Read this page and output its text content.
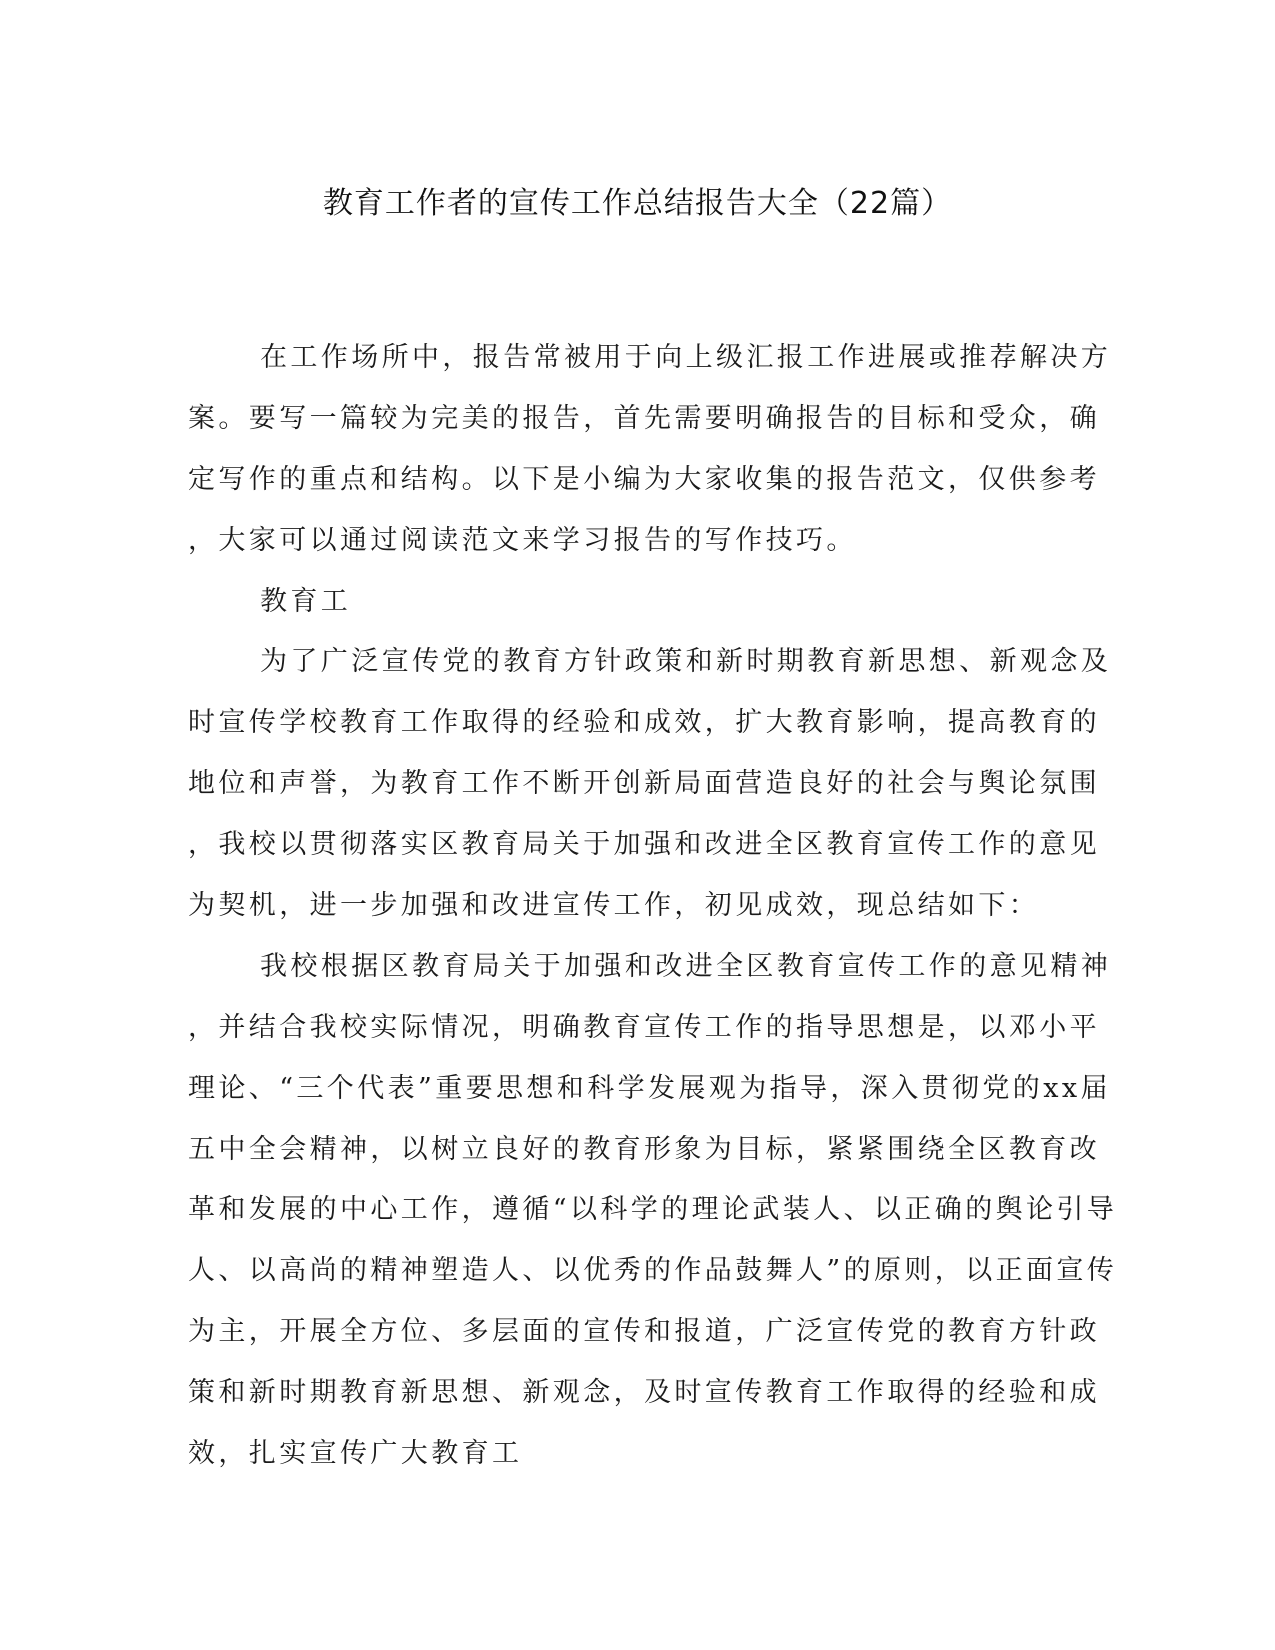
教育工作者的宣传工作总结报告大全（22篇）
在工作场所中，报告常被用于向上级汇报工作进展或推荐解决方
案。要写一篇较为完美的报告，首先需要明确报告的目标和受众，确
定写作的重点和结构。以下是小编为大家收集的报告范文，仅供参考
，大家可以通过阅读范文来学习报告的写作技巧。
教育工
为了广泛宣传党的教育方针政策和新时期教育新思想、新观念及
时宣传学校教育工作取得的经验和成效，扩大教育影响，提高教育的
地位和声誉，为教育工作不断开创新局面营造良好的社会与舆论氛围
，我校以贯彻落实区教育局关于加强和改进全区教育宣传工作的意见
为契机，进一步加强和改进宣传工作，初见成效，现总结如下：
我校根据区教育局关于加强和改进全区教育宣传工作的意见精神
，并结合我校实际情况，明确教育宣传工作的指导思想是，以邓小平
理论、“三个代表”重要思想和科学发展观为指导，深入贯彻党的xx届
五中全会精神，以树立良好的教育形象为目标，紧紧围绕全区教育改
革和发展的中心工作，遵循“以科学的理论武装人、以正确的舆论引导
人、以高尚的精神塑造人、以优秀的作品鼓舞人”的原则，以正面宣传
为主，开展全方位、多层面的宣传和报道，广泛宣传党的教育方针政
策和新时期教育新思想、新观念，及时宣传教育工作取得的经验和成
效，扎实宣传广大教育工
